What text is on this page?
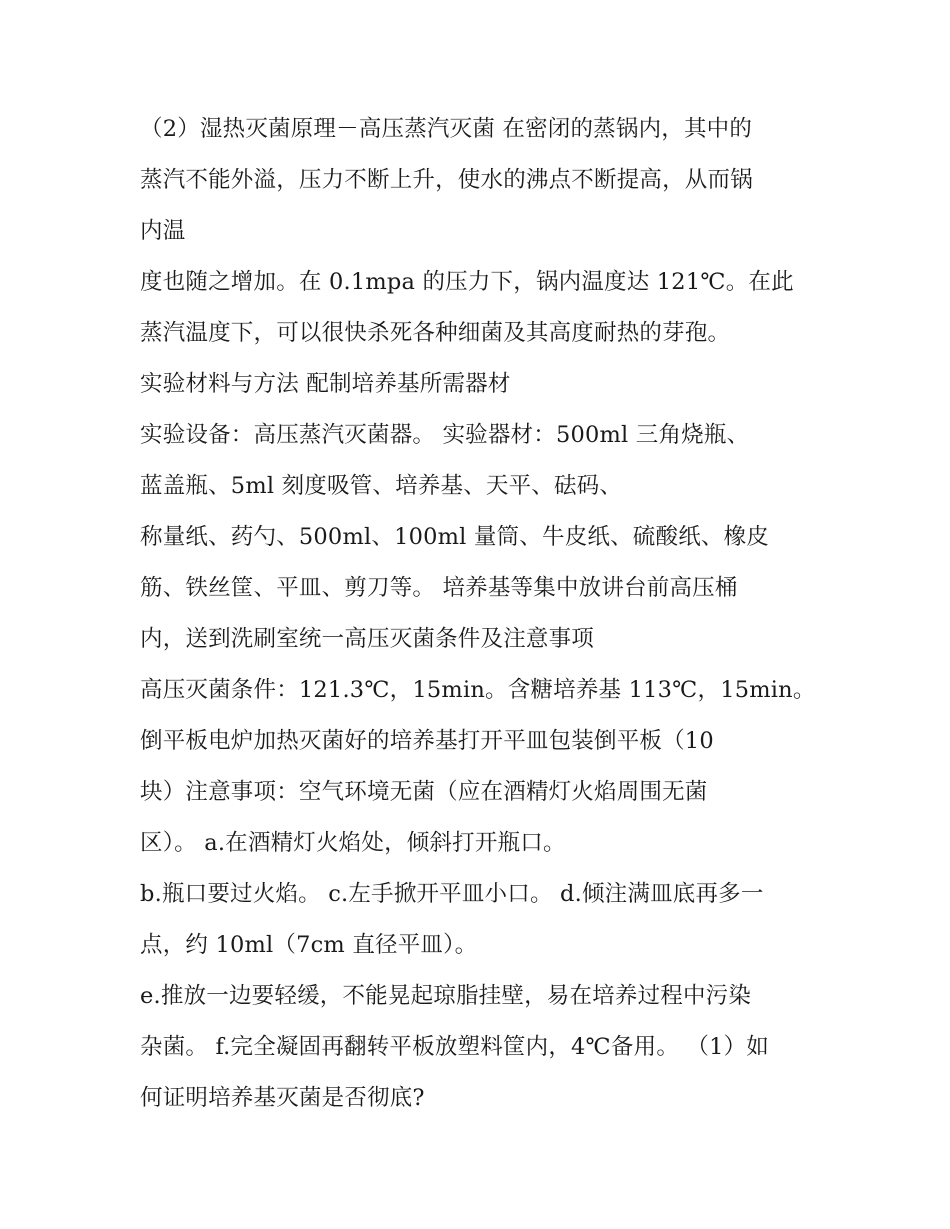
（2）湿热灭菌原理－高压蒸汽灭菌 在密闭的蒸锅内，其中的
蒸汽不能外溢，压力不断上升，使水的沸点不断提高，从而锅
内温
度也随之增加。在 0.1mpa 的压力下，锅内温度达 121℃。在此
蒸汽温度下，可以很快杀死各种细菌及其高度耐热的芽孢。
实验材料与方法 配制培养基所需器材
实验设备：高压蒸汽灭菌器。 实验器材：500ml 三角烧瓶、
蓝盖瓶、5ml 刻度吸管、培养基、天平、砝码、
称量纸、药勺、500ml、100ml 量筒、牛皮纸、硫酸纸、橡皮
筋、铁丝筐、平皿、剪刀等。 培养基等集中放讲台前高压桶
内，送到洗刷室统一高压灭菌条件及注意事项
高压灭菌条件：121.3℃，15min。含糖培养基 113℃，15min。
倒平板电炉加热灭菌好的培养基打开平皿包装倒平板（10
块）注意事项：空气环境无菌（应在酒精灯火焰周围无菌
区）。 a.在酒精灯火焰处，倾斜打开瓶口。
b.瓶口要过火焰。 c.左手掀开平皿小口。 d.倾注满皿底再多一
点，约 10ml（7cm 直径平皿）。
e.推放一边要轻缓，不能晃起琼脂挂壁，易在培养过程中污染
杂菌。 f.完全凝固再翻转平板放塑料筐内，4℃备用。 （1）如
何证明培养基灭菌是否彻底?
